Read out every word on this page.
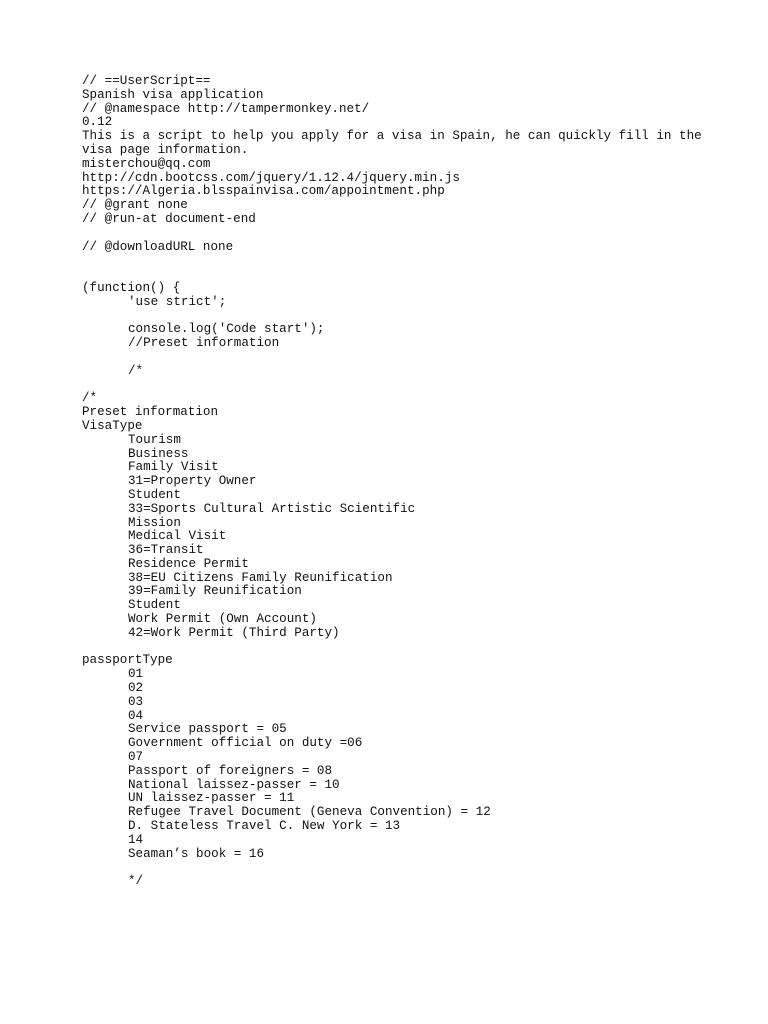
// ==UserScript==
Spanish visa application
// @namespace http://tampermonkey.net/
0.12
This is a script to help you apply for a visa in Spain, he can quickly fill in the visa page information.
misterchou@qq.com
http://cdn.bootcss.com/jquery/1.12.4/jquery.min.js
https://Algeria.blsspainvisa.com/appointment.php
// @grant none
// @run-at document-end
// @downloadURL none
(function() {
'use strict';
console.log('Code start');
//Preset information
/*
/*
Preset information
VisaType
Tourism
Business
Family Visit
31=Property Owner
Student
33=Sports Cultural Artistic Scientific
Mission
Medical Visit
36=Transit
Residence Permit
38=EU Citizens Family Reunification
39=Family Reunification
Student
Work Permit (Own Account)
42=Work Permit (Third Party)
passportType
01
02
03
04
Service passport = 05
Government official on duty =06
07
Passport of foreigners = 08
National laissez-passer = 10
UN laissez-passer = 11
Refugee Travel Document (Geneva Convention) = 12
D. Stateless Travel C. New York = 13
14
Seaman’s book = 16
*/
